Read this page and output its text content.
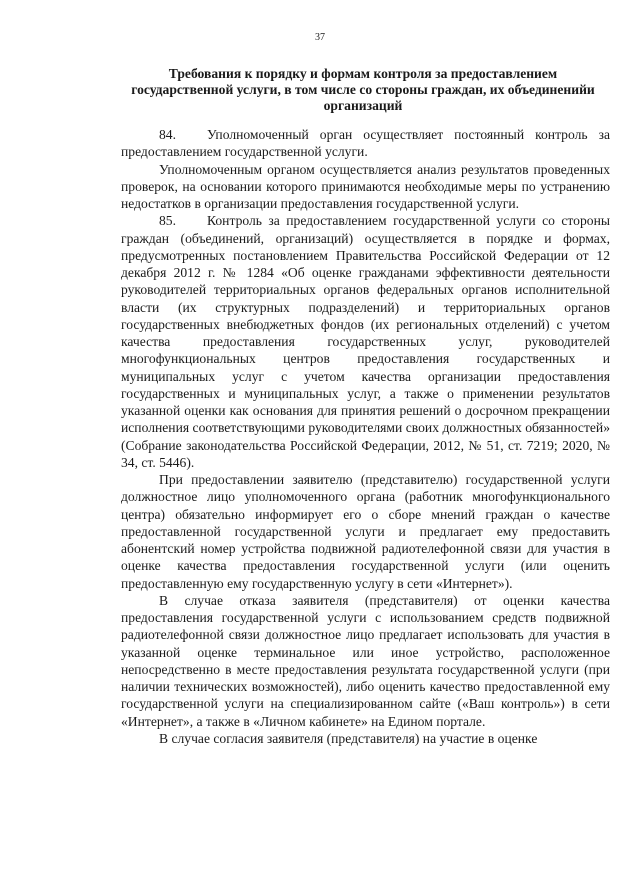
37
Требования к порядку и формам контроля за предоставлением государственной услуги, в том числе со стороны граждан, их объединенийи организаций

84. Уполномоченный орган осуществляет постоянный контроль за предоставлением государственной услуги.

Уполномоченным органом осуществляется анализ результатов проведенных проверок, на основании которого принимаются необходимые меры по устранению недостатков в организации предоставления государственной услуги.

85. Контроль за предоставлением государственной услуги со стороны граждан (объединений, организаций) осуществляется в порядке и формах, предусмотренных постановлением Правительства Российской Федерации от 12 декабря 2012 г. № 1284 «Об оценке гражданами эффективности деятельности руководителей территориальных органов федеральных органов исполнительной власти (их структурных подразделений) и территориальных органов государственных внебюджетных фондов (их региональных отделений) с учетом качества предоставления государственных услуг, руководителей многофункциональных центров предоставления государственных и муниципальных услуг с учетом качества организации предоставления государственных и муниципальных услуг, а также о применении результатов указанной оценки как основания для принятия решений о досрочном прекращении исполнения соответствующими руководителями своих должностных обязанностей» (Собрание законодательства Российской Федерации, 2012, № 51, ст. 7219; 2020, № 34, ст. 5446).

При предоставлении заявителю (представителю) государственной услуги должностное лицо уполномоченного органа (работник многофункционального центра) обязательно информирует его о сборе мнений граждан о качестве предоставленной государственной услуги и предлагает ему предоставить абонентский номер устройства подвижной радиотелефонной связи для участия в оценке качества предоставления государственной услуги (или оценить предоставленную ему государственную услугу в сети «Интернет»).

В случае отказа заявителя (представителя) от оценки качества предоставления государственной услуги с использованием средств подвижной радиотелефонной связи должностное лицо предлагает использовать для участия в указанной оценке терминальное или иное устройство, расположенное непосредственно в месте предоставления результата государственной услуги (при наличии технических возможностей), либо оценить качество предоставленной ему государственной услуги на специализированном сайте («Ваш контроль») в сети «Интернет», а также в «Личном кабинете» на Едином портале.

В случае согласия заявителя (представителя) на участие в оценке
